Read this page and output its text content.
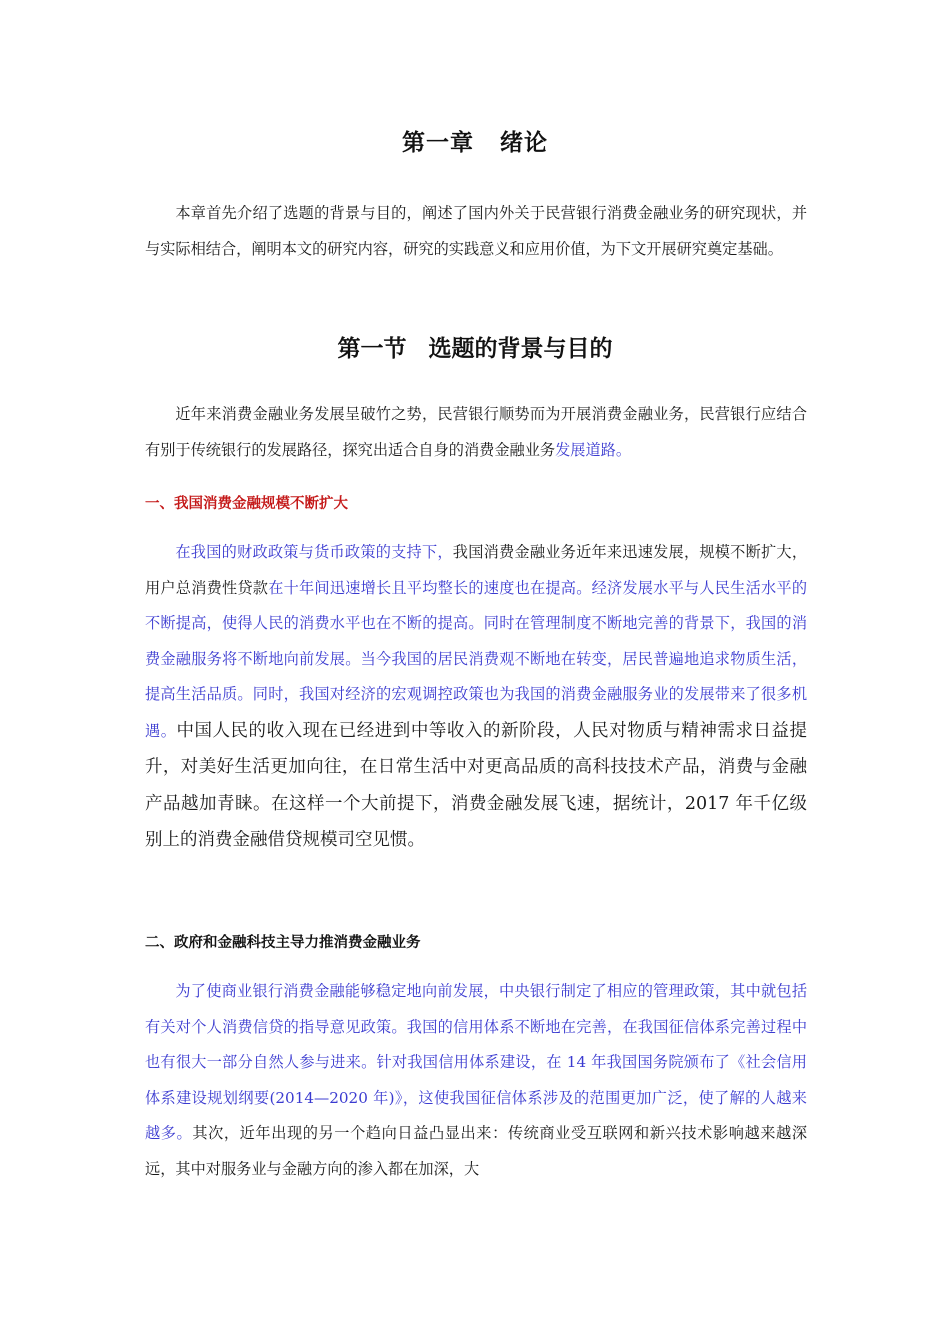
第一章 绪论

本章首先介绍了选题的背景与目的，阐述了国内外关于民营银行消费金融业务的研究现状，并与实际相结合，阐明本文的研究内容，研究的实践意义和应用价值，为下文开展研究奠定基础。

第一节 选题的背景与目的

近年来消费金融业务发展呈破竹之势，民营银行顺势而为开展消费金融业务，民营银行应结合有别于传统银行的发展路径，探究出适合自身的消费金融业务发展道路。

一、我国消费金融规模不断扩大

在我国的财政政策与货币政策的支持下，我国消费金融业务近年来迅速发展，规模不断扩大，用户总消费性贷款在十年间迅速增长且平均整长的速度也在提高。经济发展水平与人民生活水平的不断提高，使得人民的消费水平也在不断的提高。同时在管理制度不断地完善的背景下，我国的消费金融服务将不断地向前发展。当今我国的居民消费观不断地在转变，居民普遍地追求物质生活，提高生活品质。同时，我国对经济的宏观调控政策也为我国的消费金融服务业的发展带来了很多机遇。中国人民的收入现在已经进到中等收入的新阶段，人民对物质与精神需求日益提升，对美好生活更加向往，在日常生活中对更高品质的高科技技术产品，消费与金融产品越加青睐。在这样一个大前提下，消费金融发展飞速，据统计，2017 年千亿级别上的消费金融借贷规模司空见惯。

二、政府和金融科技主导力推消费金融业务

为了使商业银行消费金融能够稳定地向前发展，中央银行制定了相应的管理政策，其中就包括有关对个人消费信贷的指导意见政策。我国的信用体系不断地在完善，在我国征信体系完善过程中也有很大一部分自然人参与进来。针对我国信用体系建设，在 14 年我国国务院颁布了《社会信用体系建设规划纲要(2014—2020 年)》，这使我国征信体系涉及的范围更加广泛，使了解的人越来越多。其次，近年出现的另一个趋向日益凸显出来：传统商业受互联网和新兴技术影响越来越深远，其中对服务业与金融方向的渗入都在加深，大
